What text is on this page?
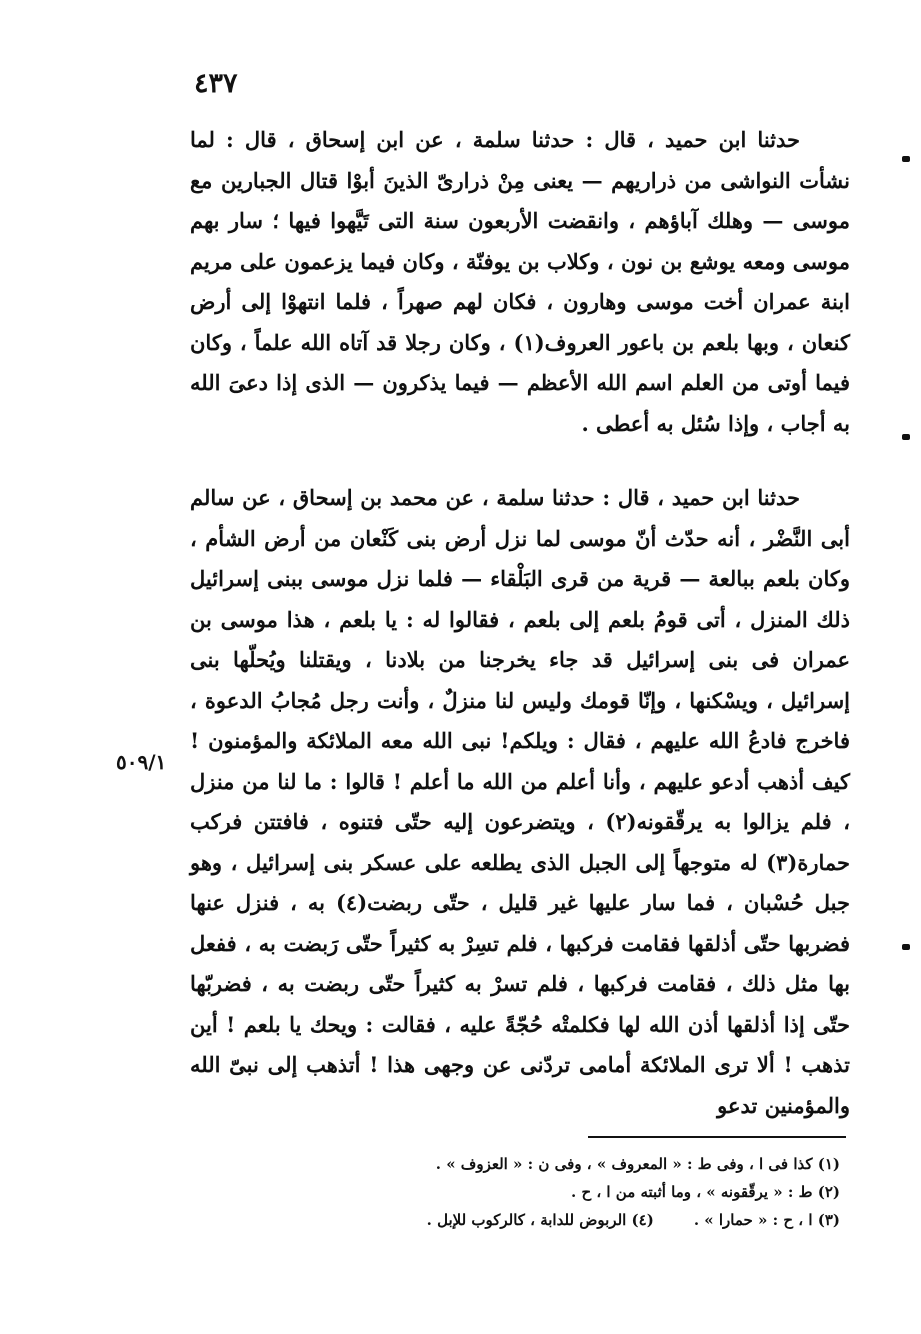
٤٣٧

حدثنا ابن حميد ، قال : حدثنا سلمة ، عن ابن إسحاق ، قال : لما نشأت النواشى من ذراريهم — يعنى مِنْ ذرارىّ الذينَ أبوْا قتال الجبارين مع موسى — وهلك آباؤهم ، وانقضت الأربعون سنة التى تَيَّهوا فيها ؛ سار بهم موسى ومعه يوشع بن نون ، وكلاب بن يوفنّة ، وكان فيما يزعمون على مريم ابنة عمران أخت موسى وهارون ، فكان لهم صهراً ، فلما انتهوْا إلى أرض كنعان ، وبها بلعم بن باعور العروف(١) ، وكان رجلا قد آتاه الله علماً ، وكان فيما أوتى من العلم اسم الله الأعظم — فيما يذكرون — الذى إذا دعىَ الله به أجاب ، وإذا سُئل به أعطى .

حدثنا ابن حميد ، قال : حدثنا سلمة ، عن محمد بن إسحاق ، عن سالم أبى النَّضْر ، أنه حدّث أنّ موسى لما نزل أرض بنى كَنْعان من أرض الشأم ، وكان بلعم ببالعة — قرية من قرى البَلْقاء — فلما نزل موسى ببنى إسرائيل ذلك المنزل ، أتى قومُ بلعم إلى بلعم ، فقالوا له : يا بلعم ، هذا موسى بن عمران فى بنى إسرائيل قد جاء يخرجنا من بلادنا ، ويقتلنا ويُحلّها بنى إسرائيل ، ويسْكنها ، وإنّا قومك وليس لنا منزلٌ ، وأنت رجل مُجابُ الدعوة ، فاخرج فادعُ الله عليهم ، فقال : ويلكم! نبى الله معه الملائكة والمؤمنون ! كيف أذهب أدعو عليهم ، وأنا أعلم من الله ما أعلم ! قالوا : ما لنا من منزل ، فلم يزالوا به يرقّقونه(٢) ، ويتضرعون إليه حتّى فتنوه ، فافتتن فركب حمارة(٣) له متوجهاً إلى الجبل الذى يطلعه على عسكر بنى إسرائيل ، وهو جبل حُسْبان ، فما سار عليها غير قليل ، حتّى ربضت(٤) به ، فنزل عنها فضربها حتّى أذلقها فقامت فركبها ، فلم تسِرْ به كثيراً حتّى رَبضت به ، ففعل بها مثل ذلك ، فقامت فركبها ، فلم تسرْ به كثيراً حتّى ربضت به ، فضربّها حتّى إذا أذلقها أذن الله لها فكلمتْه حُجّةً عليه ، فقالت : ويحك يا بلعم ! أين تذهب ! ألا ترى الملائكة أمامى تردّنى عن وجهى هذا ! أتذهب إلى نبىّ الله والمؤمنين تدعو

٥٠٩/١
(١) كذا فى ا ، وفى ط : « المعروف » ، وفى ن : « العزوف » .
(٢) ط : « يرقّقونه » ، وما أثبته من ا ، ح .
(٣) ا ، ح : « حمارا » .(٤) الربوض للدابة ، كالركوب للإبل .
